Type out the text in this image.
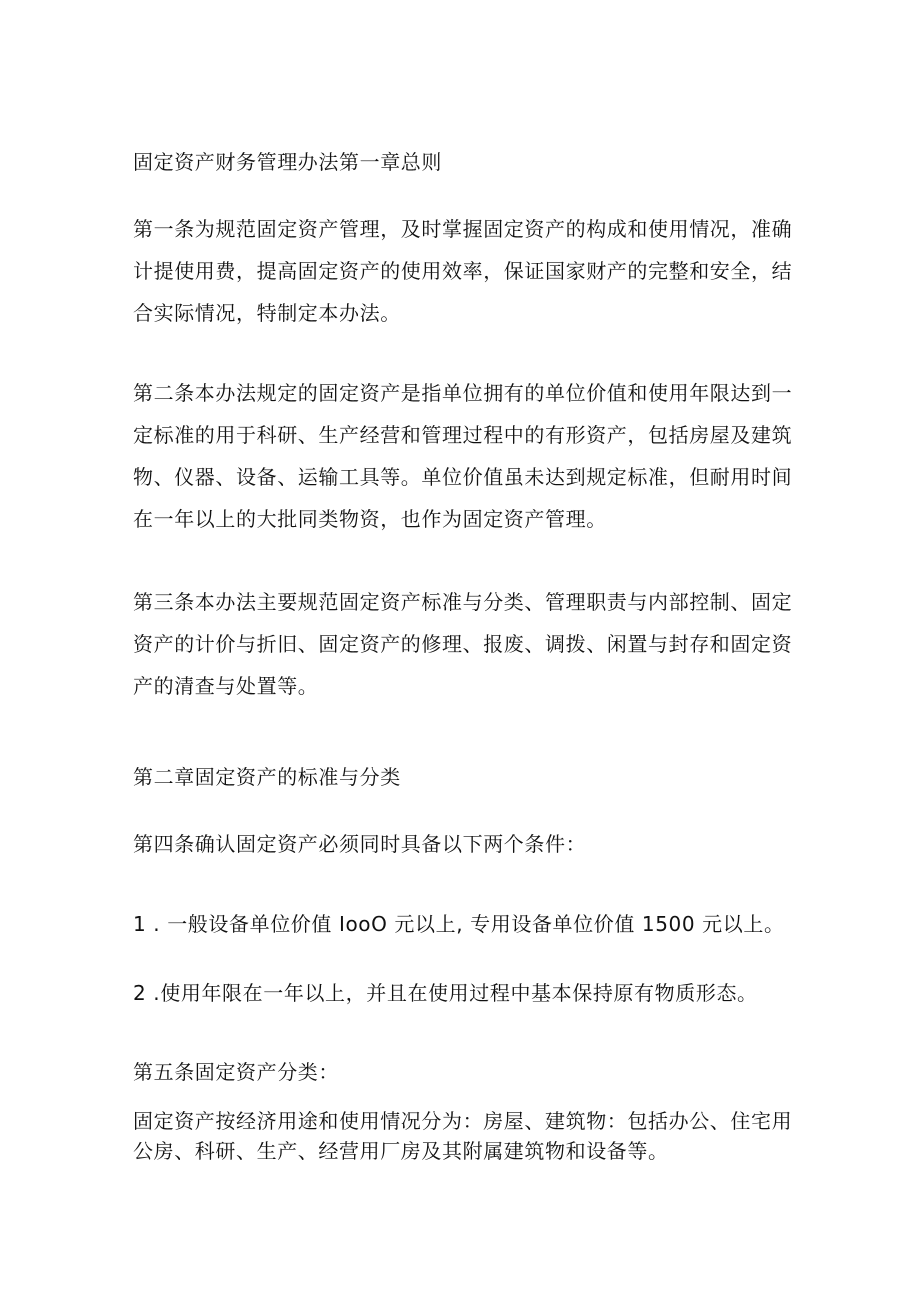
固定资产财务管理办法第一章总则

第一条为规范固定资产管理，及时掌握固定资产的构成和使用情况，准确计提使用费，提高固定资产的使用效率，保证国家财产的完整和安全，结合实际情况，特制定本办法。

第二条本办法规定的固定资产是指单位拥有的单位价值和使用年限达到一定标准的用于科研、生产经营和管理过程中的有形资产，包括房屋及建筑物、仪器、设备、运输工具等。单位价值虽未达到规定标准，但耐用时间在一年以上的大批同类物资，也作为固定资产管理。

第三条本办法主要规范固定资产标准与分类、管理职责与内部控制、固定资产的计价与折旧、固定资产的修理、报废、调拨、闲置与封存和固定资产的清查与处置等。

第二章固定资产的标准与分类

第四条确认固定资产必须同时具备以下两个条件：

1 . 一般设备单位价值 IooO 元以上, 专用设备单位价值 1500 元以上。

2 .使用年限在一年以上，并且在使用过程中基本保持原有物质形态。

第五条固定资产分类：

固定资产按经济用途和使用情况分为：房屋、建筑物：包括办公、住宅用公房、科研、生产、经营用厂房及其附属建筑物和设备等。
